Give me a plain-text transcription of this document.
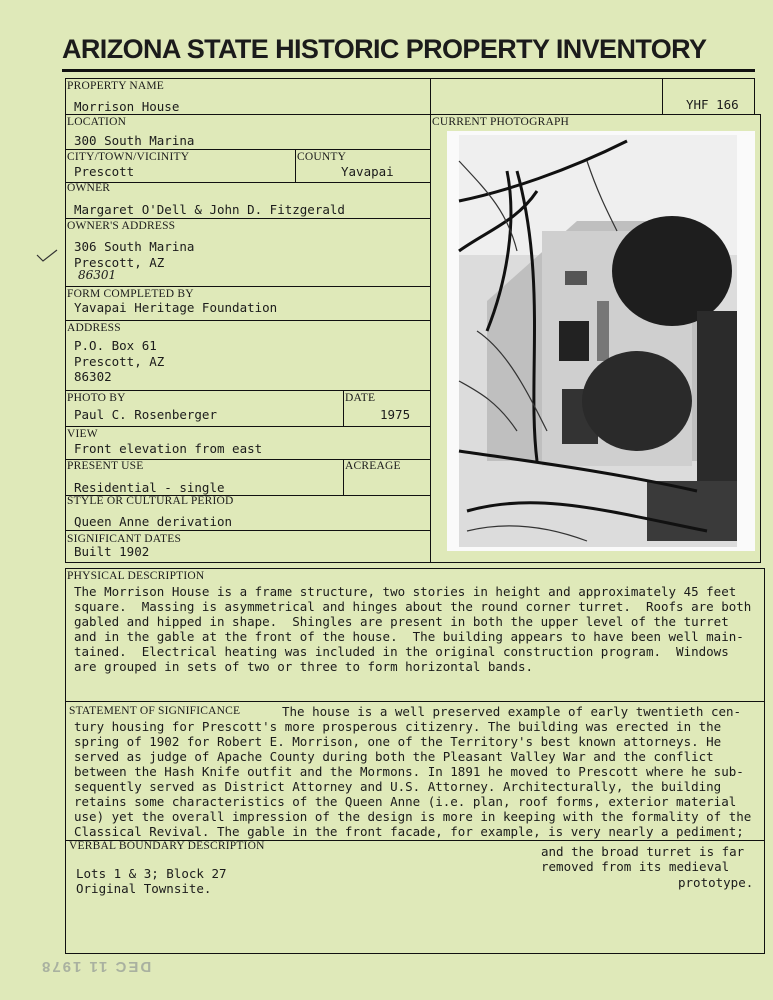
ARIZONA STATE HISTORIC PROPERTY INVENTORY
PROPERTY NAME
Morrison House
LOCATION
300 South Marina
CITY/TOWN/VICINITY
Prescott
COUNTY
Yavapai
OWNER
Margaret O'Dell & John D. Fitzgerald
OWNER'S ADDRESS
306 South Marina
Prescott, AZ
86301
FORM COMPLETED BY
Yavapai Heritage Foundation
ADDRESS
P.O. Box 61
Prescott, AZ
86302
PHOTO BY
Paul C. Rosenberger
DATE
1975
VIEW
Front elevation from east
PRESENT USE
Residential - single
ACREAGE
STYLE OR CULTURAL PERIOD
Queen Anne derivation
SIGNIFICANT DATES
Built 1902
YHF 166
CURRENT PHOTOGRAPH
PHYSICAL DESCRIPTION
The Morrison House is a frame structure, two stories in height and approximately 45 feet
square.  Massing is asymmetrical and hinges about the round corner turret.  Roofs are both
gabled and hipped in shape.  Shingles are present in both the upper level of the turret
and in the gable at the front of the house.  The building appears to have been well main-
tained.  Electrical heating was included in the original construction program.  Windows
are grouped in sets of two or three to form horizontal bands.
STATEMENT OF SIGNIFICANCE	The house is a well preserved example of early twentieth cen-
tury housing for Prescott's more prosperous citizenry. The building was erected in the
spring of 1902 for Robert E. Morrison, one of the Territory's best known attorneys. He
served as judge of Apache County during both the Pleasant Valley War and the conflict
between the Hash Knife outfit and the Mormons. In 1891 he moved to Prescott where he sub-
sequently served as District Attorney and U.S. Attorney. Architecturally, the building
retains some characteristics of the Queen Anne (i.e. plan, roof forms, exterior material
use) yet the overall impression of the design is more in keeping with the formality of the
Classical Revival. The gable in the front facade, for example, is very nearly a pediment;
VERBAL BOUNDARY DESCRIPTION
Lots 1 & 3; Block 27
Original Townsite.
and the broad turret is far
removed from its medieval
prototype.
DEC 11 1978
